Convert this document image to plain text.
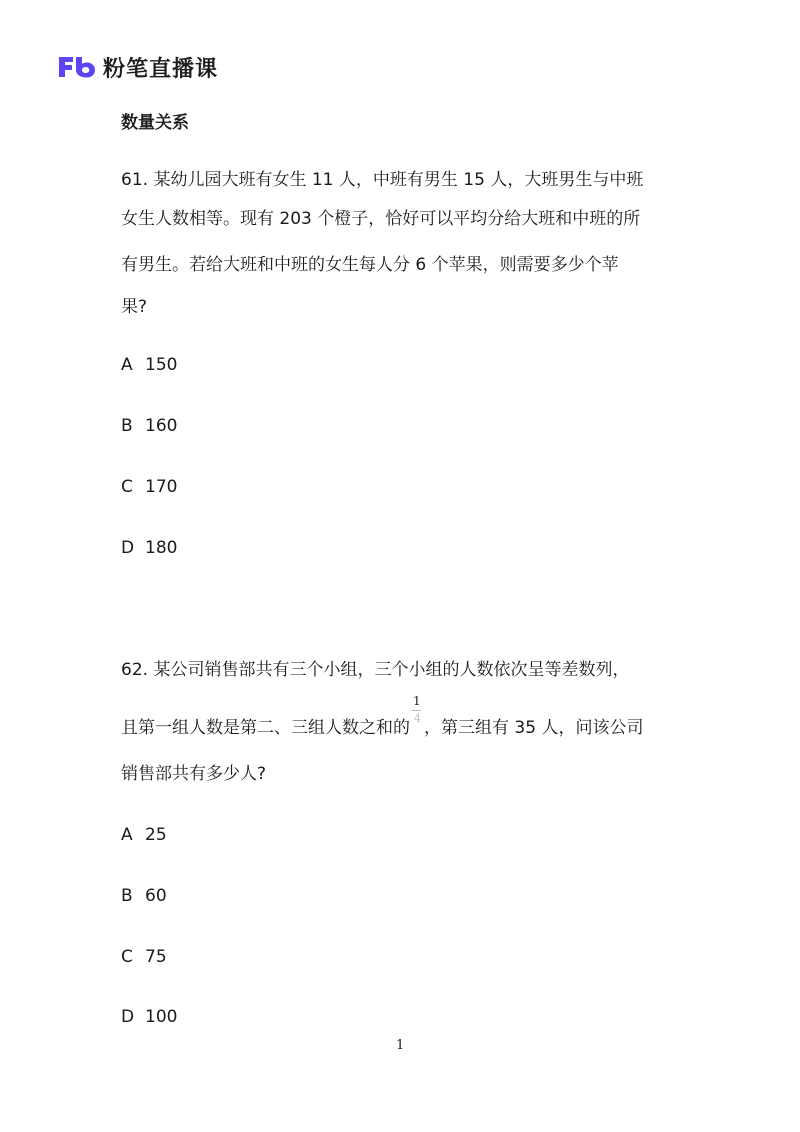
粉笔直播课
数量关系
61. 某幼儿园大班有女生 11 人，中班有男生 15 人，大班男生与中班
女生人数相等。现有 203 个橙子，恰好可以平均分给大班和中班的所
有男生。若给大班和中班的女生每人分 6 个苹果，则需要多少个苹
果?
A 150
B 160
C 170
D 180
62. 某公司销售部共有三个小组，三个小组的人数依次呈等差数列，
且第一组人数是第二、三组人数之和的 $\frac{1}{4}$ ，第三组有 35 人，问该公司
销售部共有多少人?
A 25
B 60
C 75
D 100
1
